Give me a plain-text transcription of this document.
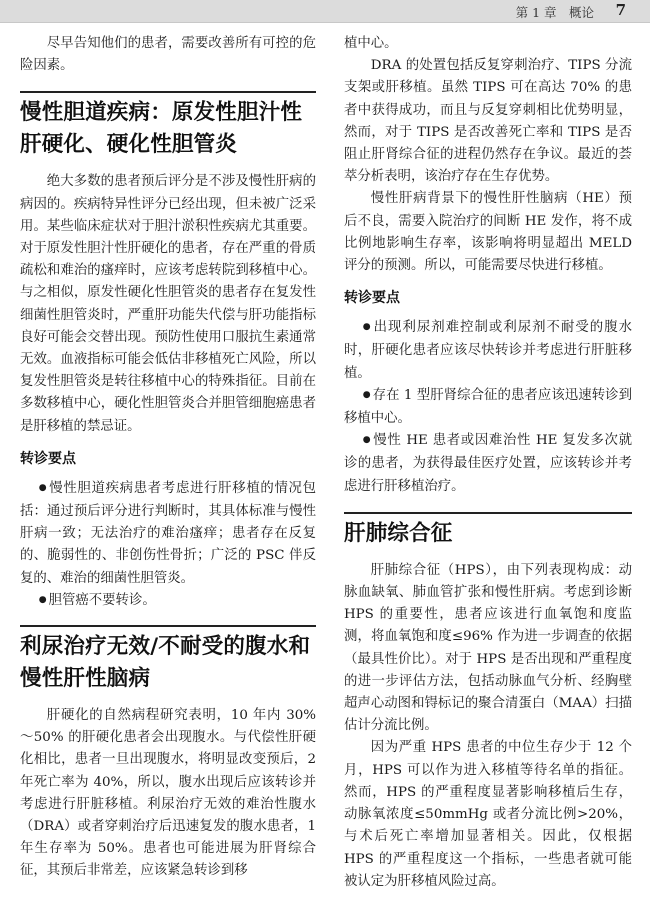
第 1 章　概论 7

尽早告知他们的患者，需要改善所有可控的危险因素。

慢性胆道疾病：原发性胆汁性肝硬化、硬化性胆管炎

绝大多数的患者预后评分是不涉及慢性肝病的病因的。疾病特异性评分已经出现，但未被广泛采用。某些临床症状对于胆汁淤积性疾病尤其重要。对于原发性胆汁性肝硬化的患者，存在严重的骨质疏松和难治的瘙痒时，应该考虑转院到移植中心。与之相似，原发性硬化性胆管炎的患者存在复发性细菌性胆管炎时，严重肝功能失代偿与肝功能指标良好可能会交替出现。预防性使用口服抗生素通常无效。血液指标可能会低估非移植死亡风险，所以复发性胆管炎是转往移植中心的特殊指征。目前在多数移植中心，硬化性胆管炎合并胆管细胞癌患者是肝移植的禁忌证。

转诊要点
● 慢性胆道疾病患者考虑进行肝移植的情况包括：通过预后评分进行判断时，其具体标准与慢性肝病一致；无法治疗的难治瘙痒；患者存在反复的、脆弱性的、非创伤性骨折；广泛的 PSC 伴反复的、难治的细菌性胆管炎。
● 胆管癌不要转诊。
利尿治疗无效/不耐受的腹水和慢性肝性脑病

肝硬化的自然病程研究表明，10 年内 30%～50% 的肝硬化患者会出现腹水。与代偿性肝硬化相比，患者一旦出现腹水，将明显改变预后，2 年死亡率为 40%，所以，腹水出现后应该转诊并考虑进行肝脏移植。利尿治疗无效的难治性腹水（DRA）或者穿刺治疗后迅速复发的腹水患者，1 年生存率为 50%。患者也可能进展为肝肾综合征，其预后非常差，应该紧急转诊到移

植中心。

DRA 的处置包括反复穿刺治疗、TIPS 分流支架或肝移植。虽然 TIPS 可在高达 70% 的患者中获得成功，而且与反复穿刺相比优势明显，然而，对于 TIPS 是否改善死亡率和 TIPS 是否阻止肝肾综合征的进程仍然存在争议。最近的荟萃分析表明，该治疗存在生存优势。

慢性肝病背景下的慢性肝性脑病（HE）预后不良，需要入院治疗的间断 HE 发作，将不成比例地影响生存率，该影响将明显超出 MELD 评分的预测。所以，可能需要尽快进行移植。

转诊要点
● 出现利尿剂难控制或利尿剂不耐受的腹水时，肝硬化患者应该尽快转诊并考虑进行肝脏移植。
● 存在 1 型肝肾综合征的患者应该迅速转诊到移植中心。
● 慢性 HE 患者或因难治性 HE 复发多次就诊的患者，为获得最佳医疗处置，应该转诊并考虑进行肝移植治疗。
肝肺综合征

肝肺综合征（HPS），由下列表现构成：动脉血缺氧、肺血管扩张和慢性肝病。考虑到诊断 HPS 的重要性，患者应该进行血氧饱和度监测，将血氧饱和度≤96% 作为进一步调查的依据（最具性价比）。对于 HPS 是否出现和严重程度的进一步评估方法，包括动脉血气分析、经胸壁超声心动图和锝标记的聚合清蛋白（MAA）扫描估计分流比例。

因为严重 HPS 患者的中位生存少于 12 个月，HPS 可以作为进入移植等待名单的指征。然而，HPS 的严重程度显著影响移植后生存，动脉氧浓度≤50mmHg 或者分流比例>20%，与术后死亡率增加显著相关。因此，仅根据 HPS 的严重程度这一个指标，一些患者就可能被认定为肝移植风险过高。
